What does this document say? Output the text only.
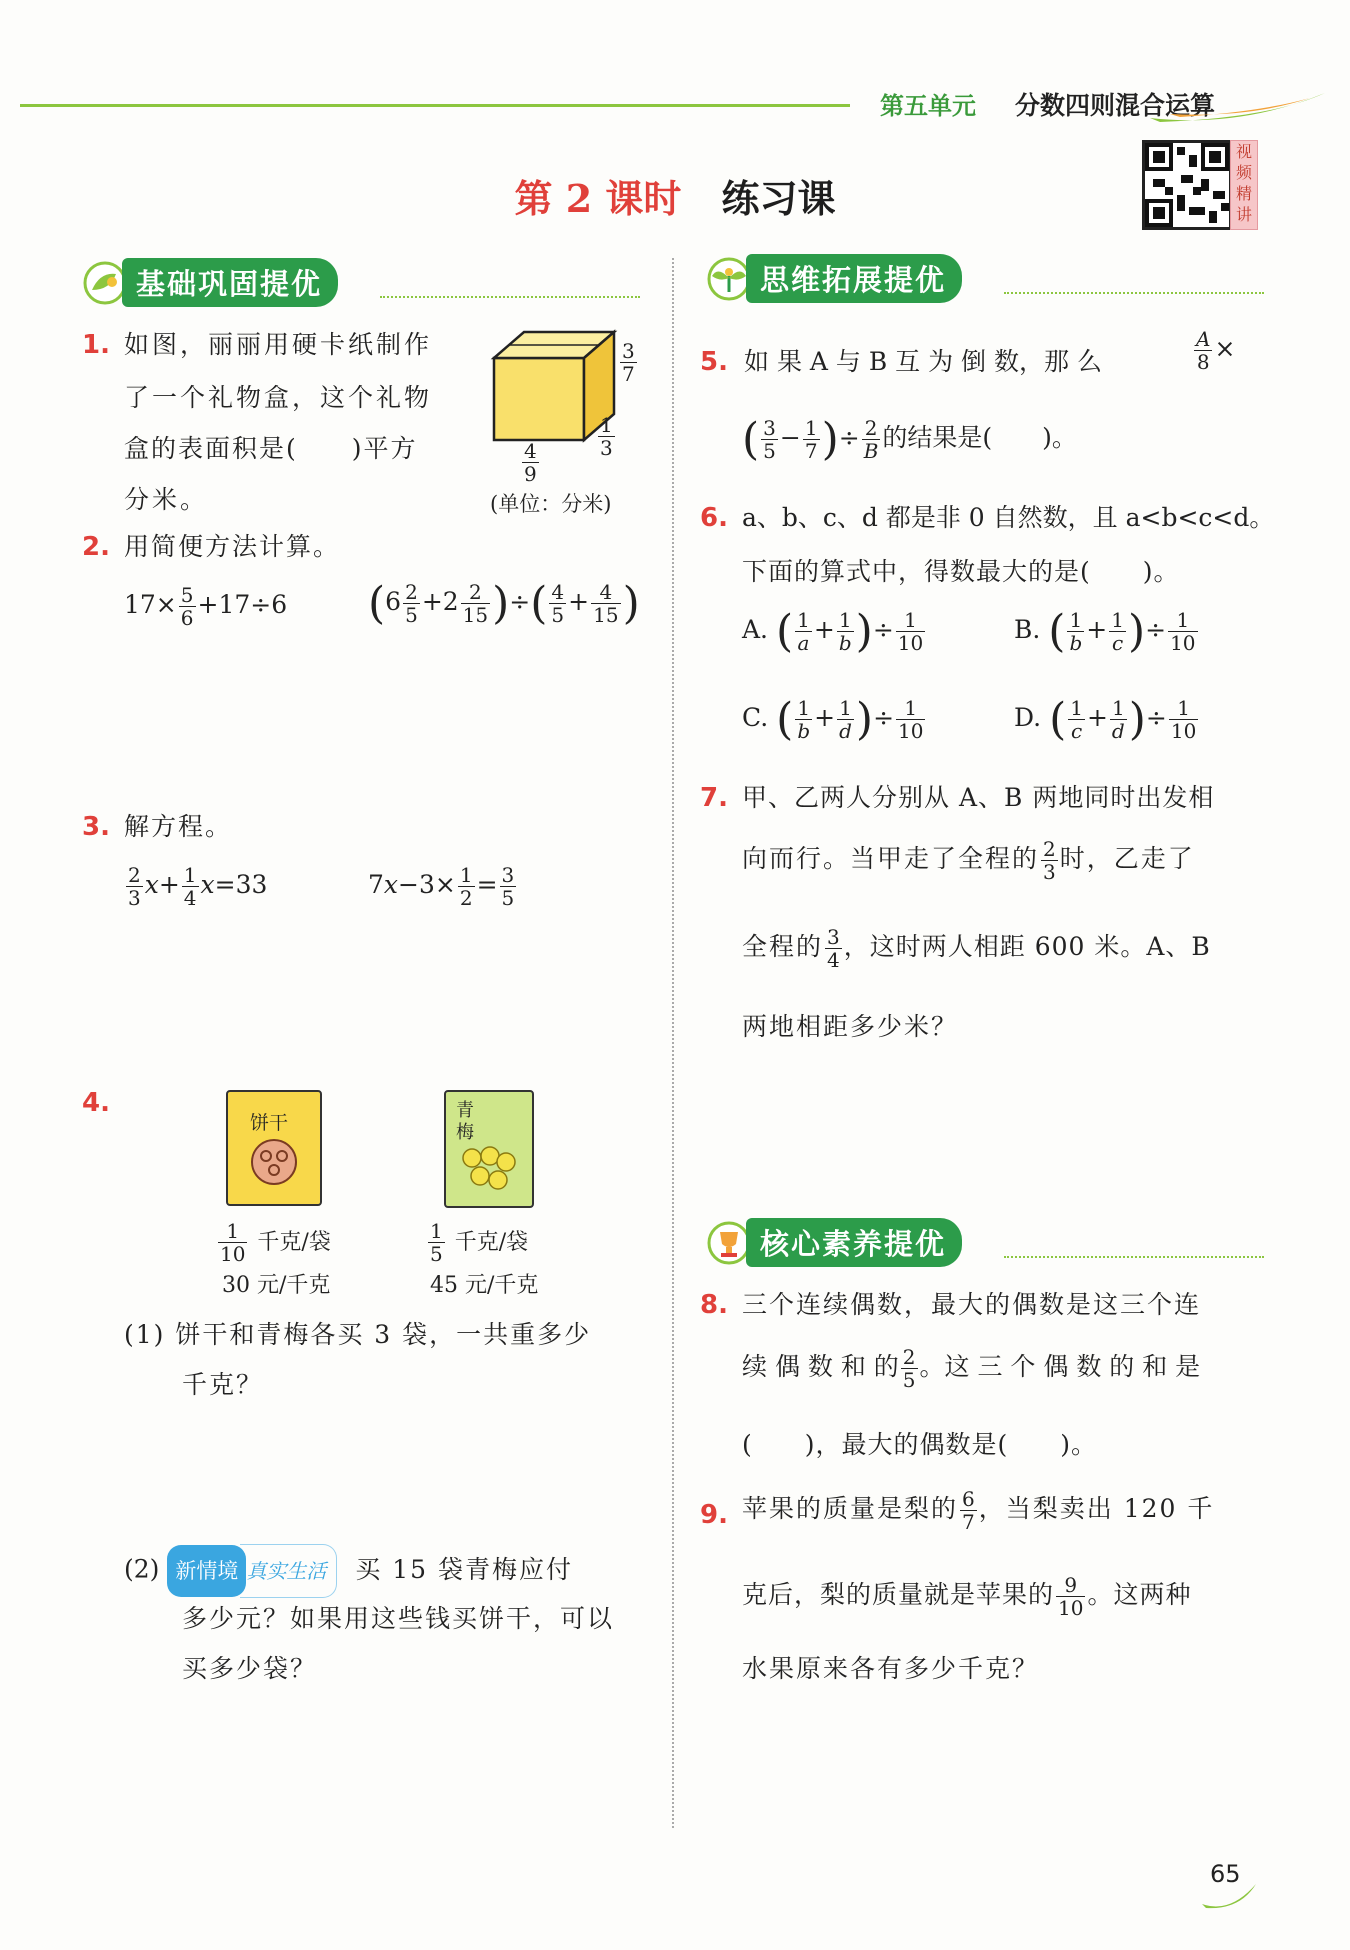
第五单元 分数四则混合运算
第 2 课时 练习课
视
频
精
讲
基础巩固提优
1. 如图，丽丽用硬卡纸制作
了一个礼物盒，这个礼物
盒的表面积是(　　)平方
分米。
$\frac{3}{7}$
$\frac{1}{3}$
$\frac{4}{9}$
(单位：分米)
2. 用简便方法计算。
$17\times \frac{5}{6} +17\div 6$ ($6 \frac{2}{5} +2 \frac{2}{15}$ )÷( $\frac{4}{5} + \frac{4}{15}$ )
3. 解方程。
$\frac{2}{3} x+ \frac{1}{4} x=33$	$7x-3\times \frac{1}{2} = \frac{3}{5}$
4.
饼干
青梅
$\frac{1}{10}$ 千克/袋	$\frac{1}{5}$ 千克/袋
30 元/千克	45 元/千克
(1) 饼干和青梅各买 3 袋，一共重多少
千克？
(2) 新情境 真实生活 买 15 袋青梅应付
多少元？如果用这些钱买饼干，可以
买多少袋？
思维拓展提优
5. 如 果 A 与 B 互 为 倒 数，那 么	$\frac{A}{8}$ ×
( $\frac{3}{5} - \frac{1}{7}$ )÷ $\frac{2}{B}$ 的结果是(　　)。
6. a、b、c、d 都是非 0 自然数，且 a<b<c<d。
下面的算式中，得数最大的是(　　)。
A. ( $\frac{1}{a} + \frac{1}{b}$ )÷ $\frac{1}{10}$	B. ( $\frac{1}{b} + \frac{1}{c}$ )÷ $\frac{1}{10}$
C. ( $\frac{1}{b} + \frac{1}{d}$ )÷ $\frac{1}{10}$	D. ( $\frac{1}{c} + \frac{1}{d}$ )÷ $\frac{1}{10}$
7. 甲、乙两人分别从 A、B 两地同时出发相
向而行。当甲走了全程的 $\frac{2}{3}$ 时，乙走了
全程的 $\frac{3}{4}$ ，这时两人相距 600 米。A、B
两地相距多少米？
核心素养提优
8. 三个连续偶数，最大的偶数是这三个连
续 偶 数 和 的 $\frac{2}{5}$ 。这 三 个 偶 数 的 和 是
(　　)，最大的偶数是(　　)。
9. 苹果的质量是梨的 $\frac{6}{7}$ ，当梨卖出 120 千
克后，梨的质量就是苹果的 $\frac{9}{10}$ 。这两种
水果原来各有多少千克？
65
